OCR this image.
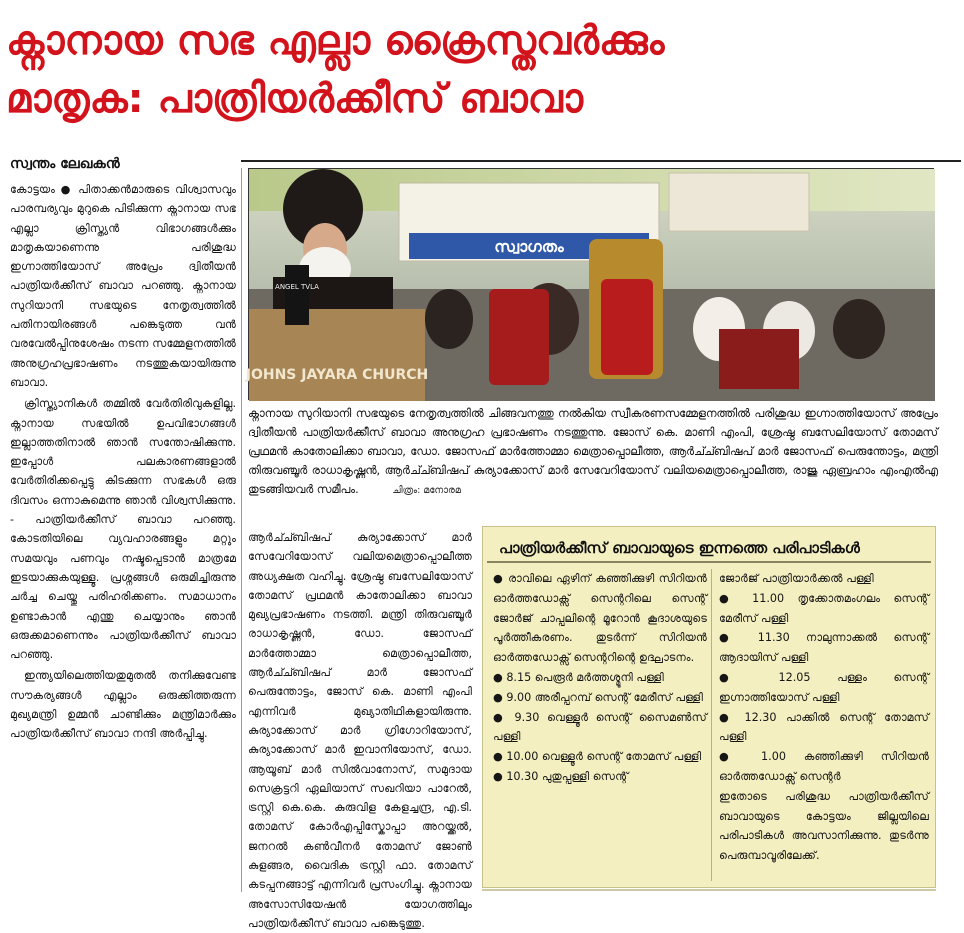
ക്നാനായ സഭ എല്ലാ ക്രൈസ്തവർക്കും
മാതൃക: പാത്രിയർക്കീസ് ബാവാ
സ്വന്തം ലേഖകൻ

കോട്ടയം ● പിതാക്കൻമാരുടെ വിശ്വാസവും പാരമ്പര്യവും മുറുകെ പിടിക്കുന്ന ക്നാനായ സഭ എല്ലാ ക്രിസ്ത്യൻ വിഭാഗങ്ങൾക്കും മാതൃകയാണെന്നു പരിശുദ്ധ ഇഗ്നാത്തിയോസ് അപ്രേം ദ്വിതീയൻ പാത്രിയർക്കീസ് ബാവാ പറഞ്ഞു. ക്നാനായ സുറിയാനി സഭയുടെ നേതൃത്വത്തിൽ പതിനായിരങ്ങൾ പങ്കെടുത്ത വൻ വരവേൽപ്പിനുശേഷം നടന്ന സമ്മേളനത്തിൽ അനുഗ്രഹപ്രഭാഷണം നടത്തുകയായിരുന്നു ബാവാ.

ക്രിസ്ത്യാനികൾ തമ്മിൽ വേർതിരിവുകളില്ല. ക്നാനായ സഭയിൽ ഉപവിഭാഗങ്ങൾ ഇല്ലാത്തതിനാൽ ഞാൻ സന്തോഷിക്കുന്നു. ഇപ്പോൾ പലകാരണങ്ങളാൽ വേർതിരിക്കപ്പെട്ടു കിടക്കുന്ന സഭകൾ ഒരു ദിവസം ഒന്നാകുമെന്നു ഞാൻ വിശ്വസിക്കുന്നു. - പാത്രിയർക്കീസ് ബാവാ പറഞ്ഞു. കോടതിയിലെ വ്യവഹാരങ്ങളും മറ്റും സമയവും പണവും നഷ്ടപ്പെടാൻ മാത്രമേ ഇടയാക്കുകയുള്ളൂ. പ്രശ്നങ്ങൾ ഒരുമിച്ചിരുന്നു ചർച്ച ചെയ്തു പരിഹരിക്കണം. സമാധാനം ഉണ്ടാകാൻ എന്തു ചെയ്യാനും ഞാൻ ഒരുക്കമാണെന്നും പാത്രിയർക്കീസ് ബാവാ പറഞ്ഞു.

ഇന്ത്യയിലെത്തിയതുമുതൽ തനിക്കുവേണ്ട സൗകര്യങ്ങൾ എല്ലാം ഒരുക്കിത്തരുന്ന മുഖ്യമന്ത്രി ഉമ്മൻ ചാണ്ടിക്കും മന്ത്രിമാർക്കും പാത്രിയർക്കീസ് ബാവാ നന്ദി അർപ്പിച്ചു.

സ്വാഗതം
JOHNS JAYARA CHURCH
ANGEL TVLA
ക്നാനായ സുറിയാനി സഭയുടെ നേതൃത്വത്തിൽ ചിങ്ങവനത്തു നൽകിയ സ്വീകരണസമ്മേളനത്തിൽ പരിശുദ്ധ ഇഗ്നാത്തിയോസ് അപ്രേം ദ്വിതീയൻ പാത്രിയർക്കീസ് ബാവാ അനുഗ്രഹ പ്രഭാഷണം നടത്തുന്നു. ജോസ് കെ. മാണി എംപി, ശ്രേഷ്ഠ ബസേലിയോസ് തോമസ് പ്രഥമൻ കാതോലിക്കാ ബാവാ, ഡോ. ജോസഫ് മാർത്തോമ്മാ മെത്രാപ്പൊലീത്ത, ആർച്ച്ബിഷപ് മാർ ജോസഫ് പെരുന്തോട്ടം, മന്ത്രി തിരുവഞ്ചൂർ രാധാകൃഷ്ണൻ, ആർച്ച്ബിഷപ് കുര്യാക്കോസ് മാർ സേവേറിയോസ് വലിയമെത്രാപ്പൊലീത്ത, രാജു ഏബ്രഹാം എംഎൽഎ തുടങ്ങിയവർ സമീപം.	ചിത്രം: മനോരമ

ആർച്ച്ബിഷപ് കുര്യാക്കോസ് മാർ സേവേറിയോസ് വലിയമെത്രാപ്പൊലീത്ത അധ്യക്ഷത വഹിച്ചു. ശ്രേഷ്ഠ ബസേലിയോസ് തോമസ് പ്രഥമൻ കാതോലിക്കാ ബാവാ മുഖ്യപ്രഭാഷണം നടത്തി. മന്ത്രി തിരുവഞ്ചൂർ രാധാകൃഷ്ണൻ, ഡോ. ജോസഫ് മാർത്തോമ്മാ മെത്രാപ്പൊലീത്ത, ആർച്ച്ബിഷപ് മാർ ജോസഫ് പെരുന്തോട്ടം, ജോസ് കെ. മാണി എംപി എന്നിവർ മുഖ്യാതിഥികളായിരുന്നു. കുര്യാക്കോസ് മാർ ഗ്രിഗോറിയോസ്, കുര്യാക്കോസ് മാർ ഇവാനിയോസ്, ഡോ. ആയൂബ് മാർ സിൽവാനോസ്, സമുദായ സെക്രട്ടറി ഏലിയാസ് സഖറിയാ പാറേൽ, ട്രസ്റ്റി കെ.കെ. കുരുവിള കേളച്ചന്ദ്ര, എ.ടി. തോമസ് കോർഎപ്പിസ്കോപ്പാ അറയ്ക്കൽ, ജനറൽ കൺവീനർ തോമസ് ജോൺ കുളങ്ങര, വൈദിക ട്രസ്റ്റി ഫാ. തോമസ് കടപ്പനങ്ങാട്ട് എന്നിവർ പ്രസംഗിച്ചു. ക്നാനായ അസോസിയേഷൻ യോഗത്തിലും പാത്രിയർക്കീസ് ബാവാ പങ്കെടുത്തു.

പാത്രിയർക്കീസ് ബാവായുടെ ഇന്നത്തെ പരിപാടികൾ
● രാവിലെ ഏഴിന് കഞ്ഞിക്കുഴി സിറിയൻ ഓർത്തഡോക്സ് സെന്ററിലെ സെന്റ് ജോർജ് ചാപ്പലിന്റെ മൂറോൻ കൂദാശയുടെ പൂർത്തീകരണം. തുടർന്ന് സിറിയൻ ഓർത്തഡോക്സ് സെന്ററിന്റെ ഉദ്ഘാടനം.
● 8.15 പെരൂർ മർത്തശ്മൂനി പള്ളി
● 9.00 അരീപ്പറമ്പ് സെന്റ് മേരീസ് പള്ളി
● 9.30 വെള്ളൂർ സെന്റ് സൈമൺസ് പള്ളി
● 10.00 വെള്ളൂർ സെന്റ് തോമസ് പള്ളി
● 10.30 പുതുപ്പള്ളി സെന്റ്
ജോർജ് പാത്രിയാർക്കൽ പള്ളി
● 11.00 തൃക്കോതമംഗലം സെന്റ് മേരീസ് പള്ളി
● 11.30 നാലുന്നാക്കൽ സെന്റ് ആദായിസ് പള്ളി
● 12.05 പള്ളം സെന്റ് ഇഗ്നാത്തിയോസ് പള്ളി
● 12.30 പാക്കിൽ സെന്റ് തോമസ് പള്ളി
● 1.00 കഞ്ഞിക്കുഴി സിറിയൻ ഓർത്തഡോക്സ് സെന്റർ
ഇതോടെ പരിശുദ്ധ പാത്രിയർക്കീസ് ബാവായുടെ കോട്ടയം ജില്ലയിലെ പരിപാടികൾ അവസാനിക്കുന്നു. തുടർന്നു പെരുമ്പാവൂരിലേക്ക്.
